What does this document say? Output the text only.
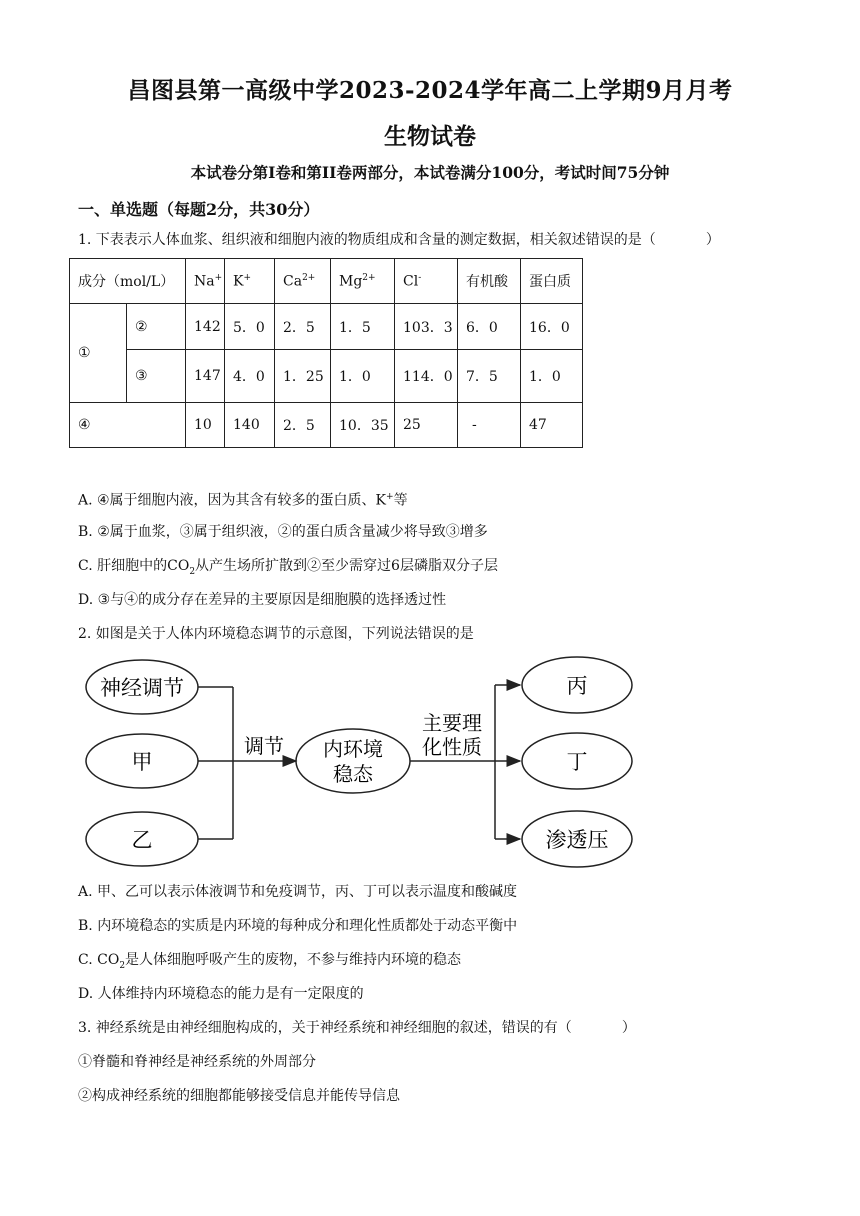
昌图县第一高级中学2023-2024学年高二上学期9月月考
生物试卷
本试卷分第I卷和第II卷两部分，本试卷满分100分，考试时间75分钟
一、单选题（每题2分，共30分）
1. 下表表示人体血浆、组织液和细胞内液的物质组成和含量的测定数据，相关叙述错误的是（	）
成分（mol/L）		Na+	K+	$Ca^{2+}$	$Mg^{2+}$	Cl-	有机酸	蛋白质
①	②	142	5．0	2．5	1．5	103．3	6．0	16．0
	③	147	4．0	1．25	1．0	114．0	7．5	1．0
④		10	140	2．5	10．35	25	-	47
A. ④属于细胞内液，因为其含有较多的蛋白质、K+等
B. ②属于血浆，③属于组织液，②的蛋白质含量减少将导致③增多
C. 肝细胞中的$CO_2$从产生场所扩散到②至少需穿过6层磷脂双分子层
D. ③与④的成分存在差异的主要原因是细胞膜的选择透过性
2. 如图是关于人体内环境稳态调节的示意图，下列说法错误的是
神经调节
甲
乙
调节 内环境
稳态
主要理
化性质
丙
丁
渗透压
A. 甲、乙可以表示体液调节和免疫调节，丙、丁可以表示温度和酸碱度
B. 内环境稳态的实质是内环境的每种成分和理化性质都处于动态平衡中
C. $CO_2$是人体细胞呼吸产生的废物，不参与维持内环境的稳态
D. 人体维持内环境稳态的能力是有一定限度的
3. 神经系统是由神经细胞构成的，关于神经系统和神经细胞的叙述，错误的有（	）
①脊髓和脊神经是神经系统的外周部分
②构成神经系统的细胞都能够接受信息并能传导信息
